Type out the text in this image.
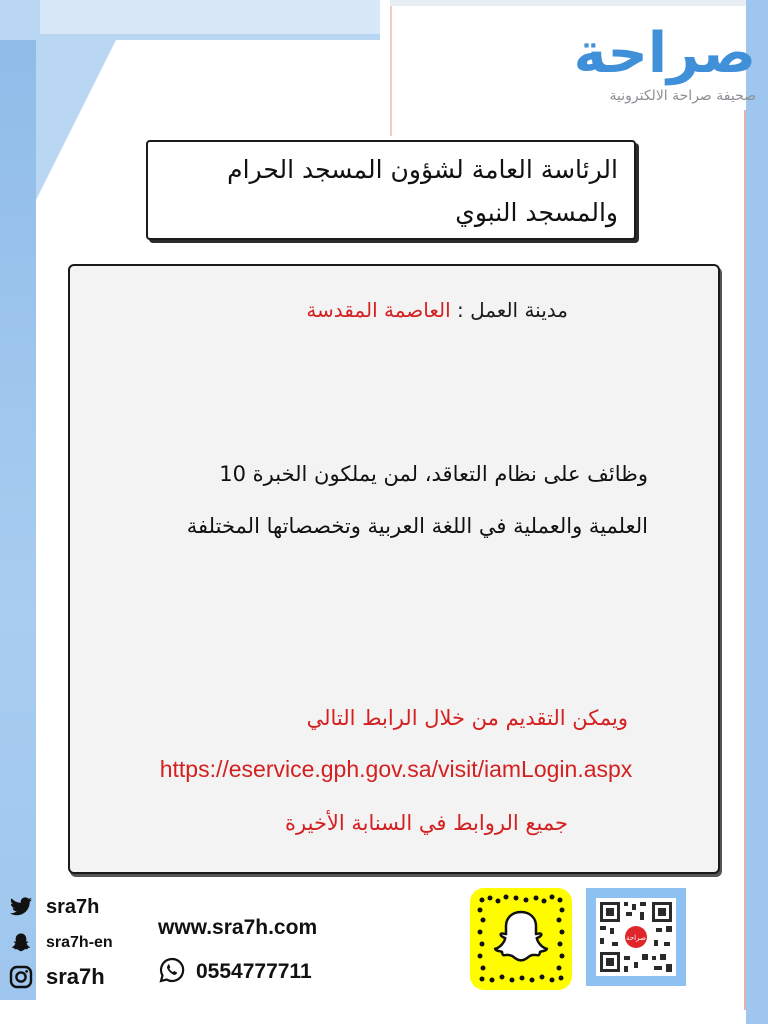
صراحة
صحيفة صراحة الالكترونية

الرئاسة العامة لشؤون المسجد الحرام

والمسجد النبوي

مدينة العمل : العاصمة المقدسة
وظائف على نظام التعاقد، لمن يملكون الخبرة 10
العلمية والعملية في اللغة العربية وتخصصاتها المختلفة
ويمكن التقديم من خلال الرابط التالي
https://eservice.gph.gov.sa/visit/iamLogin.aspx
جميع الروابط في السنابة الأخيرة
sra7h
sra7h-en
sra7h
www.sra7h.com
0554777711
صراحة
